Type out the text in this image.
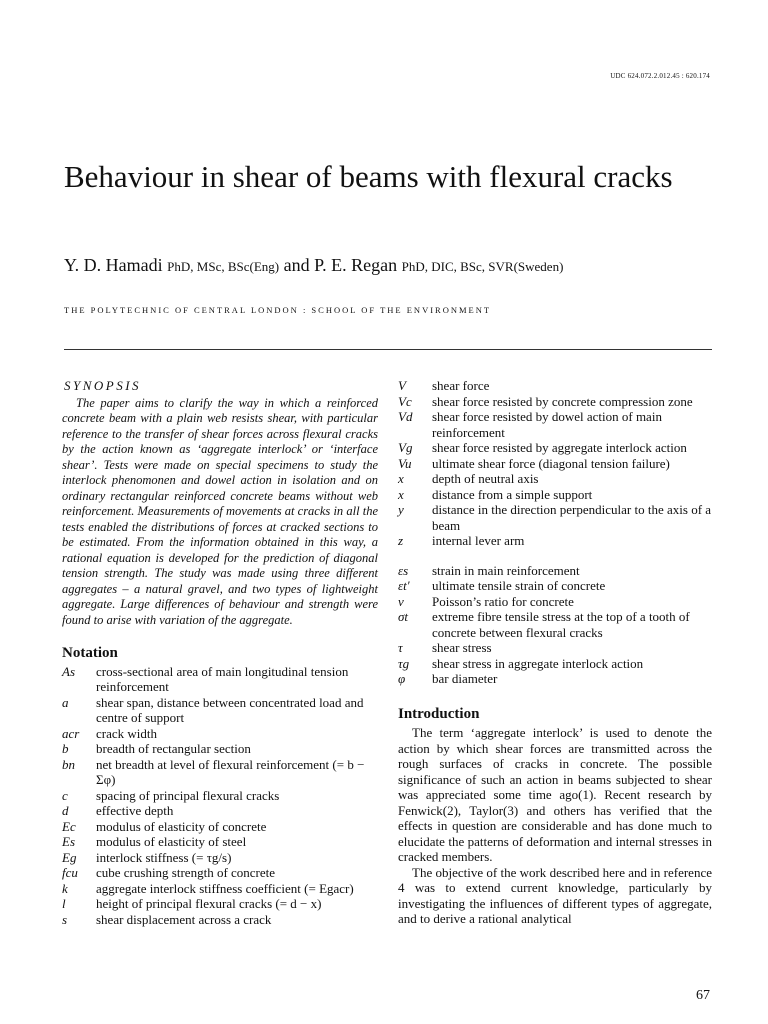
UDC 624.072.2.012.45 : 620.174
Behaviour in shear of beams with flexural cracks
Y. D. Hamadi PhD, MSc, BSc(Eng) and P. E. Regan PhD, DIC, BSc, SVR(Sweden)
THE POLYTECHNIC OF CENTRAL LONDON : SCHOOL OF THE ENVIRONMENT
SYNOPSIS

The paper aims to clarify the way in which a reinforced concrete beam with a plain web resists shear, with particular reference to the transfer of shear forces across flexural cracks by the action known as ‘aggregate interlock’ or ‘interface shear’. Tests were made on special specimens to study the interlock phenomonen and dowel action in isolation and on ordinary rectangular reinforced concrete beams without web reinforcement. Measurements of movements at cracks in all the tests enabled the distributions of forces at cracked sections to be estimated. From the information obtained in this way, a rational equation is developed for the prediction of diagonal tension strength. The study was made using three different aggregates – a natural gravel, and two types of lightweight aggregate. Large differences of behaviour and strength were found to arise with variation of the aggregate.

Notation
As	cross-sectional area of main longitudinal tension reinforcement
a	shear span, distance between concentrated load and centre of support
acr	crack width
b	breadth of rectangular section
bn	net breadth at level of flexural reinforcement (= b − Σφ)
c	spacing of principal flexural cracks
d	effective depth
Ec	modulus of elasticity of concrete
Es	modulus of elasticity of steel
Eg	interlock stiffness (= τg/s)
fcu	cube crushing strength of concrete
k	aggregate interlock stiffness coefficient (= Egacr)
l	height of principal flexural cracks (= d − x)
s	shear displacement across a crack
V	shear force
Vc	shear force resisted by concrete compression zone
Vd	shear force resisted by dowel action of main reinforcement
Vg	shear force resisted by aggregate interlock action
Vu	ultimate shear force (diagonal tension failure)
x	depth of neutral axis
x	distance from a simple support
y	distance in the direction perpendicular to the axis of a beam
z	internal lever arm
εs	strain in main reinforcement
εt′	ultimate tensile strain of concrete
ν	Poisson’s ratio for concrete
σt	extreme fibre tensile stress at the top of a tooth of concrete between flexural cracks
τ	shear stress
τg	shear stress in aggregate interlock action
φ	bar diameter
Introduction

The term ‘aggregate interlock’ is used to denote the action by which shear forces are transmitted across the rough surfaces of cracks in concrete. The possible significance of such an action in beams subjected to shear was appreciated some time ago(1). Recent research by Fenwick(2), Taylor(3) and others has verified that the effects in question are considerable and has done much to elucidate the patterns of deformation and internal stresses in cracked members.

The objective of the work described here and in reference 4 was to extend current knowledge, particularly by investigating the influences of different types of aggregate, and to derive a rational analytical

67
